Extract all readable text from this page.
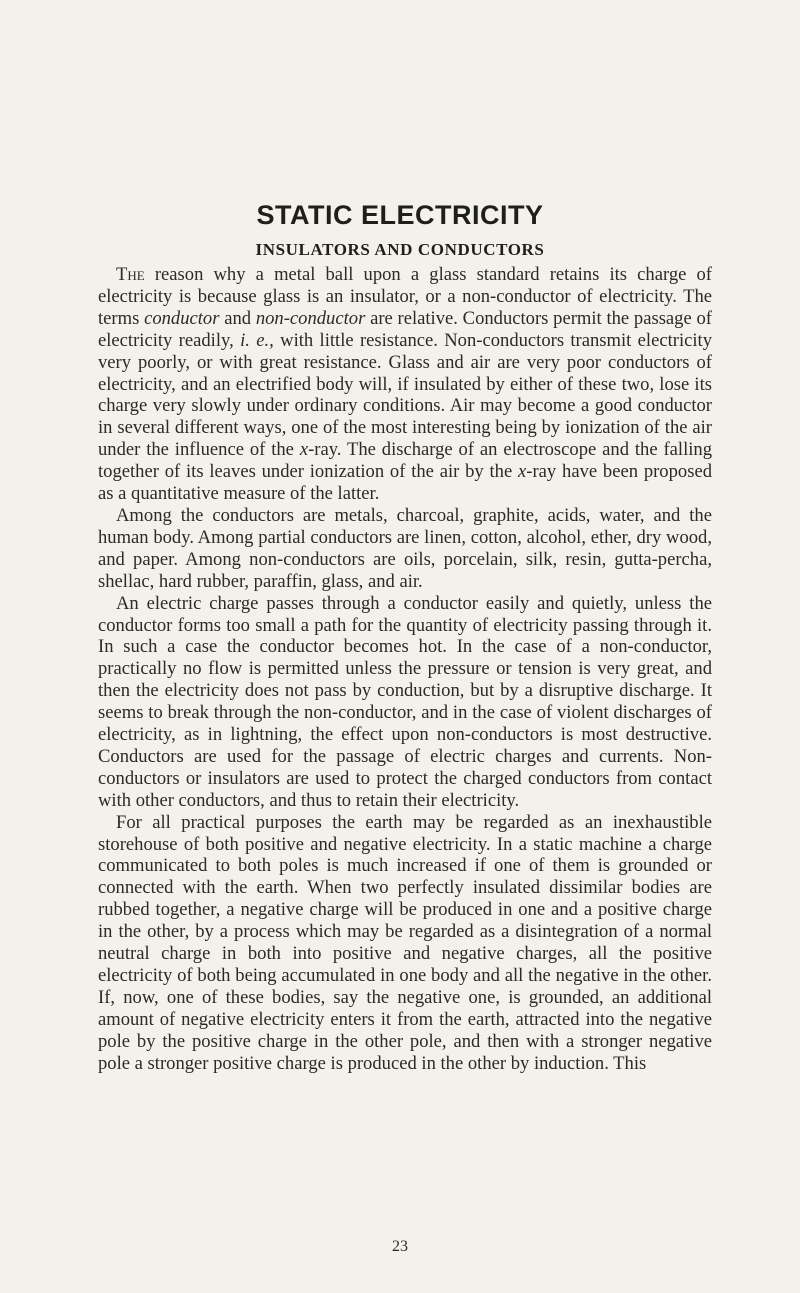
STATIC ELECTRICITY
INSULATORS AND CONDUCTORS

The reason why a metal ball upon a glass standard retains its charge of electricity is because glass is an insulator, or a non-conductor of electricity. The terms conductor and non-conductor are relative. Conductors permit the passage of electricity readily, i. e., with little resistance. Non-conductors transmit electricity very poorly, or with great resistance. Glass and air are very poor conductors of electricity, and an electrified body will, if insulated by either of these two, lose its charge very slowly under ordinary conditions. Air may become a good conductor in several different ways, one of the most interesting being by ionization of the air under the influence of the x-ray. The discharge of an electroscope and the falling together of its leaves under ionization of the air by the x-ray have been proposed as a quantitative measure of the latter.

Among the conductors are metals, charcoal, graphite, acids, water, and the human body. Among partial conductors are linen, cotton, alcohol, ether, dry wood, and paper. Among non-conductors are oils, porcelain, silk, resin, gutta-percha, shellac, hard rubber, paraffin, glass, and air.

An electric charge passes through a conductor easily and quietly, unless the conductor forms too small a path for the quantity of electricity passing through it. In such a case the conductor becomes hot. In the case of a non-conductor, practically no flow is permitted unless the pressure or tension is very great, and then the electricity does not pass by conduction, but by a disruptive discharge. It seems to break through the non-conductor, and in the case of violent discharges of electricity, as in lightning, the effect upon non-conductors is most destructive. Conductors are used for the passage of electric charges and currents. Non-conductors or insulators are used to protect the charged conductors from contact with other conductors, and thus to retain their electricity.

For all practical purposes the earth may be regarded as an inexhaustible storehouse of both positive and negative electricity. In a static machine a charge communicated to both poles is much increased if one of them is grounded or connected with the earth. When two perfectly insulated dissimilar bodies are rubbed together, a negative charge will be produced in one and a positive charge in the other, by a process which may be regarded as a disintegration of a normal neutral charge in both into positive and negative charges, all the positive electricity of both being accumulated in one body and all the negative in the other. If, now, one of these bodies, say the negative one, is grounded, an additional amount of negative electricity enters it from the earth, attracted into the negative pole by the positive charge in the other pole, and then with a stronger negative pole a stronger positive charge is produced in the other by induction. This

23
